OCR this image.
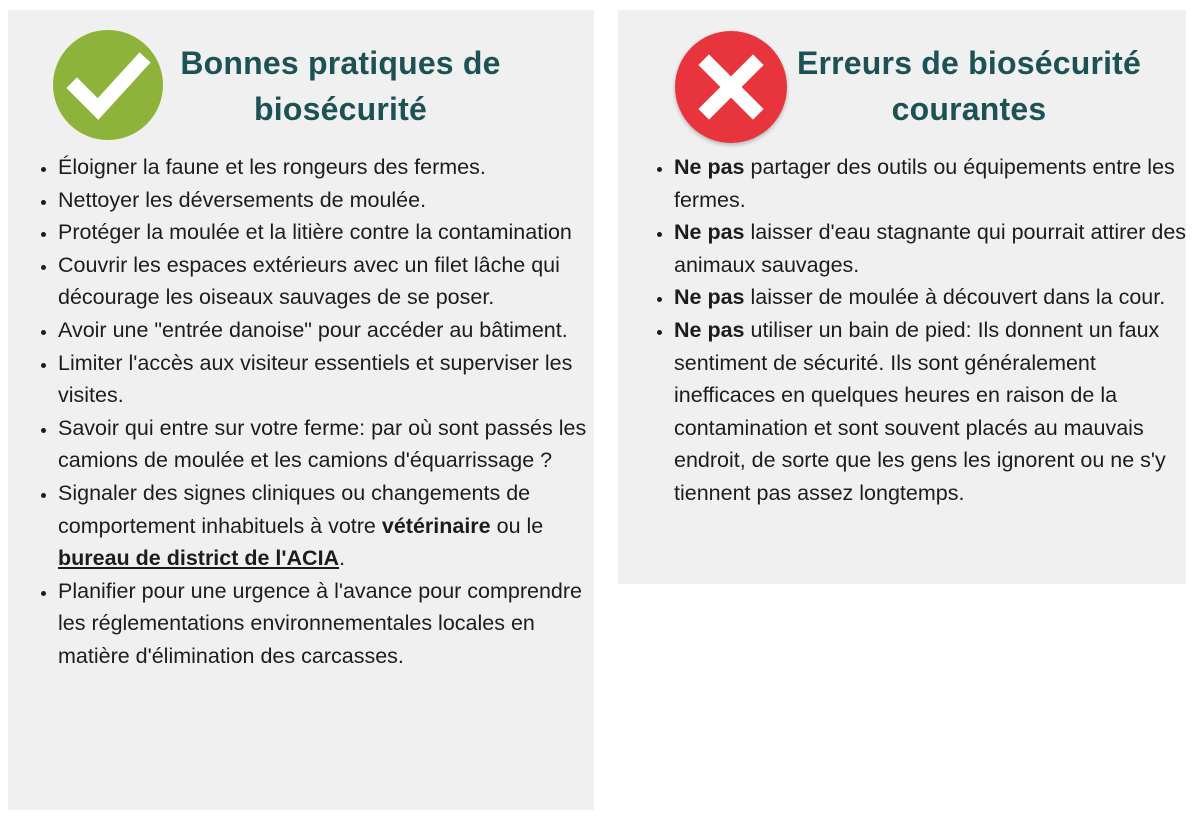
Bonnes pratiques de
biosécurité
• Éloigner la faune et les rongeurs des fermes.
• Nettoyer les déversements de moulée.
• Protéger la moulée et la litière contre la contamination
• Couvrir les espaces extérieurs avec un filet lâche qui décourage les oiseaux sauvages de se poser.
• Avoir une "entrée danoise" pour accéder au bâtiment.
• Limiter l'accès aux visiteur essentiels et superviser les visites.
• Savoir qui entre sur votre ferme: par où sont passés les camions de moulée et les camions d'équarrissage ?
• Signaler des signes cliniques ou changements de comportement inhabituels à votre vétérinaire ou le bureau de district de l'ACIA.
• Planifier pour une urgence à l'avance pour comprendre les réglementations environnementales locales en matière d'élimination des carcasses.
Erreurs de biosécurité
courantes
• Ne pas partager des outils ou équipements entre les fermes.
• Ne pas laisser d'eau stagnante qui pourrait attirer des animaux sauvages.
• Ne pas laisser de moulée à découvert dans la cour.
• Ne pas utiliser un bain de pied: Ils donnent un faux sentiment de sécurité. Ils sont généralement inefficaces en quelques heures en raison de la contamination et sont souvent placés au mauvais endroit, de sorte que les gens les ignorent ou ne s'y tiennent pas assez longtemps.
